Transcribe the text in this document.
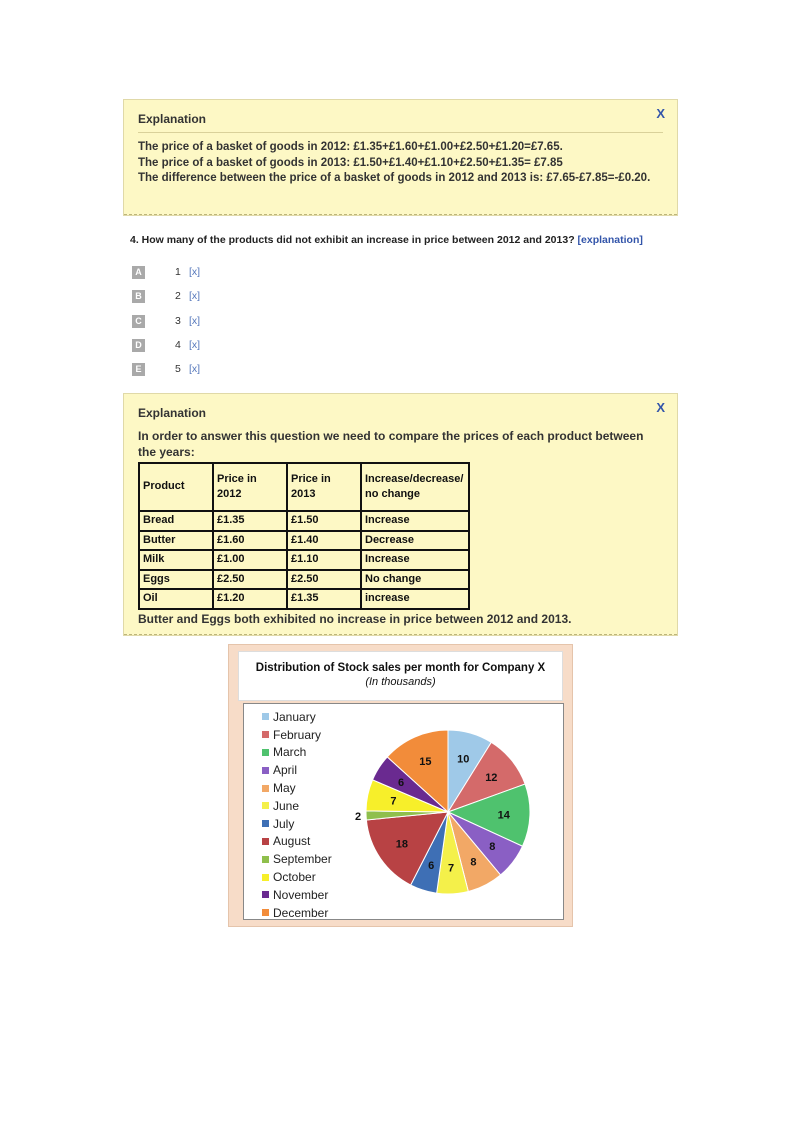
X
Explanation
The price of a basket of goods in 2012: £1.35+£1.60+£1.00+£2.50+£1.20=£7.65.
The price of a basket of goods in 2013: £1.50+£1.40+£1.10+£2.50+£1.35= £7.85
The difference between the price of a basket of goods in 2012 and 2013 is: £7.65-£7.85=-£0.20.
4. How many of the products did not exhibit an increase in price between 2012 and 2013? [explanation]
A	1 [x]
B	2 [x]
C	3 [x]
D	4 [x]
E	5 [x]
X
Explanation
In order to answer this question we need to compare the prices of each product between the years:
Product	Price in 2012	Price in 2013	Increase/decrease/ no change
Bread	£1.35	£1.50	Increase
Butter	£1.60	£1.40	Decrease
Milk	£1.00	£1.10	Increase
Eggs	£2.50	£2.50	No change
Oil	£1.20	£1.35	increase
Butter and Eggs both exhibited no increase in price between 2012 and 2013.
Distribution of Stock sales per month for Company X
(In thousands)
January
February
March
April
May
June
July
August
September
October
November
December
10
12
14
8
8
7
6
18
2
7
6
15
